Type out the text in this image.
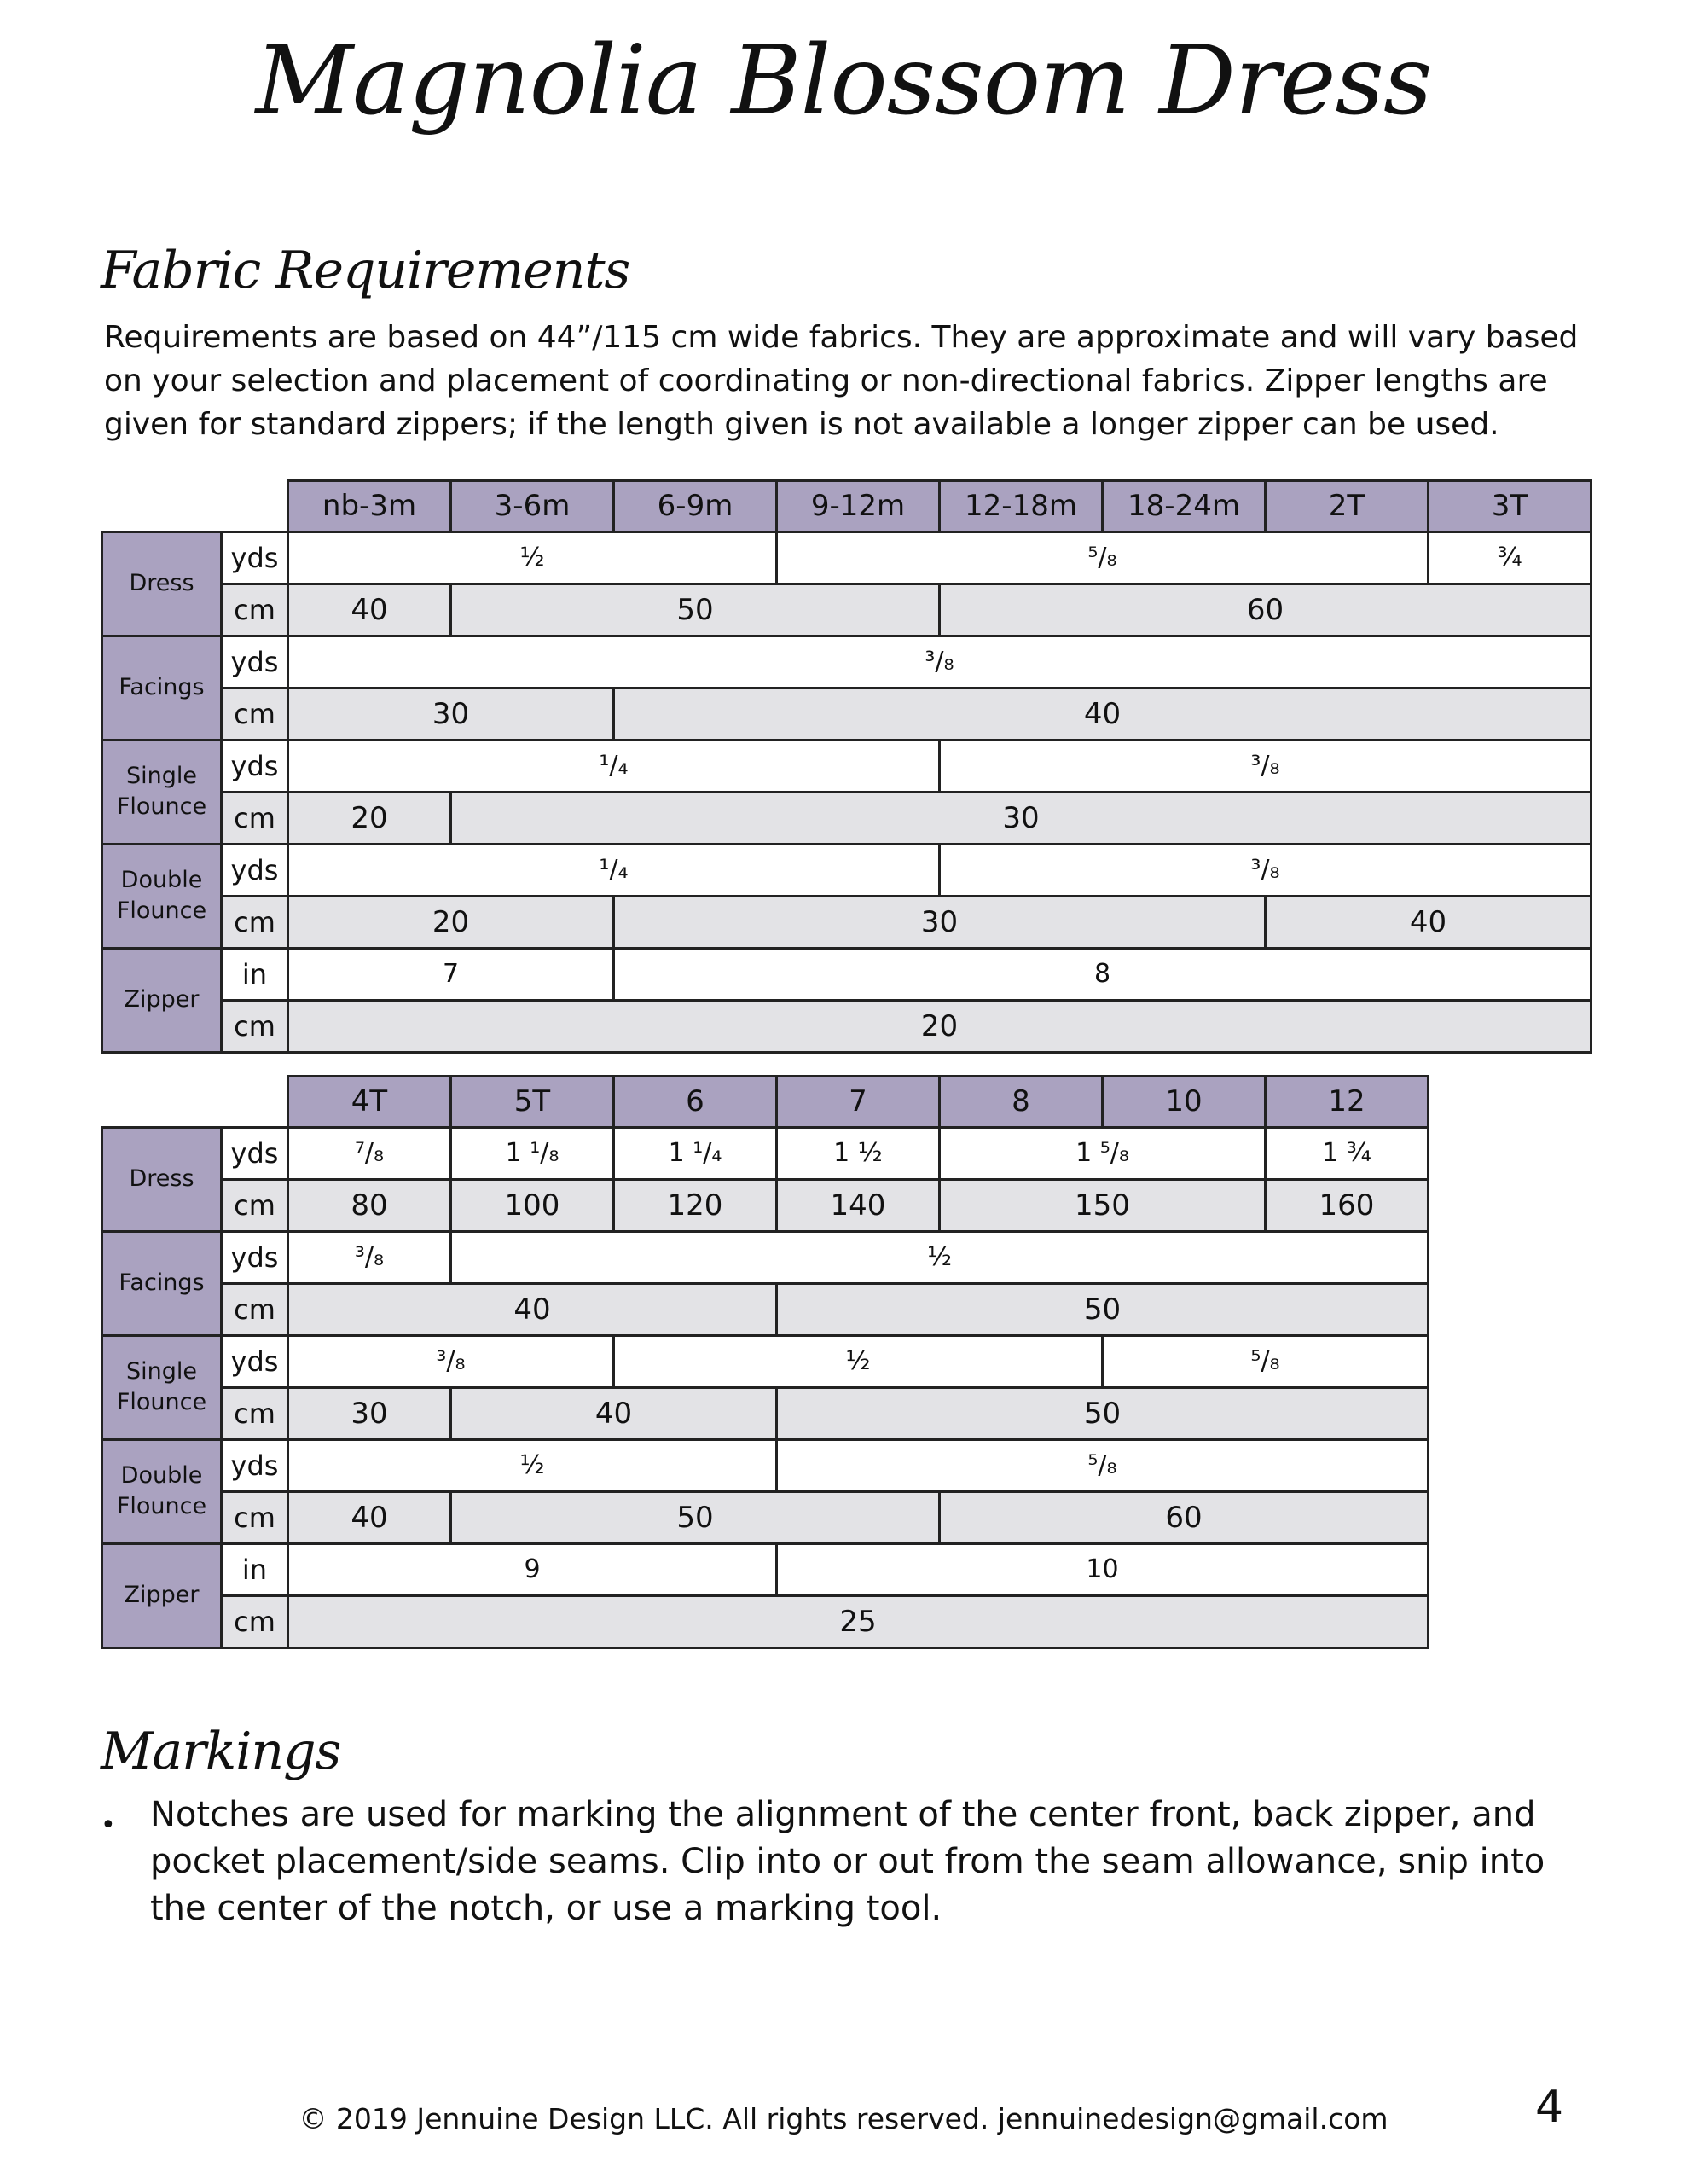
Magnolia Blossom Dress
Fabric Requirements
Requirements are based on 44”/115 cm wide fabrics. They are approximate and will vary based on your selection and placement of coordinating or non-directional fabrics. Zipper lengths are given for standard zippers; if the length given is not available a longer zipper can be used.
		nb-3m	3-6m	6-9m	9-12m	12-18m	18-24m	2T	3T
Dress	yds	½			⁵/₈				¾
	cm	40	50			60			
Facings	yds	³/₈							
	cm	30		40					
Single Flounce	yds	¹/₄				³/₈			
	cm	20	30						
Double Flounce	yds	¹/₄				³/₈			
	cm	20		30				40	
Zipper	in	7		8					
	cm	20							
		4T	5T	6	7	8	10	12
Dress	yds	⁷/₈	1 ¹/₈	1 ¹/₄	1 ½	1 ⁵/₈		1 ¾
	cm	80	100	120	140	150		160
Facings	yds	³/₈	½					
	cm	40			50			
Single Flounce	yds	³/₈		½			⁵/₈	
	cm	30	40		50			
Double Flounce	yds	½			⁵/₈			
	cm	40	50			60		
Zipper	in	9			10			
	cm	25						
Markings
• Notches are used for marking the alignment of the center front, back zipper, and pocket placement/side seams. Clip into or out from the seam allowance, snip into the center of the notch, or use a marking tool.
© 2019 Jennuine Design LLC. All rights reserved. jennuinedesign@gmail.com	4
